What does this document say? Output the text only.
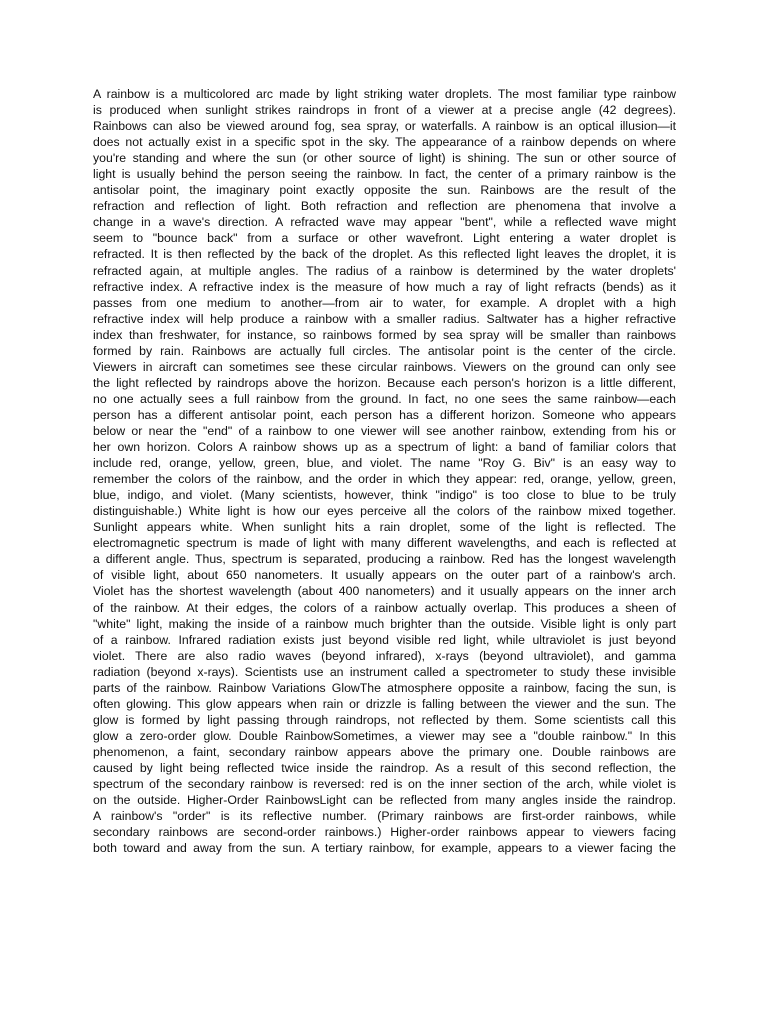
A rainbow is a multicolored arc made by light striking water droplets. The most familiar type rainbow
is produced when sunlight strikes raindrops in front of a viewer at a precise angle (42 degrees).
Rainbows can also be viewed around fog, sea spray, or waterfalls. A rainbow is an optical illusion—it
does not actually exist in a specific spot in the sky. The appearance of a rainbow depends on where
you're standing and where the sun (or other source of light) is shining. The sun or other source of
light is usually behind the person seeing the rainbow. In fact, the center of a primary rainbow is the
antisolar point, the imaginary point exactly opposite the sun. Rainbows are the result of the
refraction and reflection of light. Both refraction and reflection are phenomena that involve a
change in a wave's direction. A refracted wave may appear "bent", while a reflected wave might
seem to "bounce back" from a surface or other wavefront. Light entering a water droplet is
refracted. It is then reflected by the back of the droplet. As this reflected light leaves the droplet, it is
refracted again, at multiple angles. The radius of a rainbow is determined by the water droplets'
refractive index. A refractive index is the measure of how much a ray of light refracts (bends) as it
passes from one medium to another—from air to water, for example. A droplet with a high
refractive index will help produce a rainbow with a smaller radius. Saltwater has a higher refractive
index than freshwater, for instance, so rainbows formed by sea spray will be smaller than rainbows
formed by rain. Rainbows are actually full circles. The antisolar point is the center of the circle.
Viewers in aircraft can sometimes see these circular rainbows. Viewers on the ground can only see
the light reflected by raindrops above the horizon. Because each person's horizon is a little different,
no one actually sees a full rainbow from the ground. In fact, no one sees the same rainbow—each
person has a different antisolar point, each person has a different horizon. Someone who appears
below or near the "end" of a rainbow to one viewer will see another rainbow, extending from his or
her own horizon. Colors A rainbow shows up as a spectrum of light: a band of familiar colors that
include red, orange, yellow, green, blue, and violet. The name "Roy G. Biv" is an easy way to
remember the colors of the rainbow, and the order in which they appear: red, orange, yellow, green,
blue, indigo, and violet. (Many scientists, however, think "indigo" is too close to blue to be truly
distinguishable.) White light is how our eyes perceive all the colors of the rainbow mixed together.
Sunlight appears white. When sunlight hits a rain droplet, some of the light is reflected. The
electromagnetic spectrum is made of light with many different wavelengths, and each is reflected at
a different angle. Thus, spectrum is separated, producing a rainbow. Red has the longest wavelength
of visible light, about 650 nanometers. It usually appears on the outer part of a rainbow's arch.
Violet has the shortest wavelength (about 400 nanometers) and it usually appears on the inner arch
of the rainbow. At their edges, the colors of a rainbow actually overlap. This produces a sheen of
"white" light, making the inside of a rainbow much brighter than the outside. Visible light is only part
of a rainbow. Infrared radiation exists just beyond visible red light, while ultraviolet is just beyond
violet. There are also radio waves (beyond infrared), x-rays (beyond ultraviolet), and gamma
radiation (beyond x-rays). Scientists use an instrument called a spectrometer to study these invisible
parts of the rainbow. Rainbow Variations GlowThe atmosphere opposite a rainbow, facing the sun, is
often glowing. This glow appears when rain or drizzle is falling between the viewer and the sun. The
glow is formed by light passing through raindrops, not reflected by them. Some scientists call this
glow a zero-order glow. Double RainbowSometimes, a viewer may see a "double rainbow." In this
phenomenon, a faint, secondary rainbow appears above the primary one. Double rainbows are
caused by light being reflected twice inside the raindrop. As a result of this second reflection, the
spectrum of the secondary rainbow is reversed: red is on the inner section of the arch, while violet is
on the outside. Higher-Order RainbowsLight can be reflected from many angles inside the raindrop.
A rainbow's "order" is its reflective number. (Primary rainbows are first-order rainbows, while
secondary rainbows are second-order rainbows.) Higher-order rainbows appear to viewers facing
both toward and away from the sun. A tertiary rainbow, for example, appears to a viewer facing the
